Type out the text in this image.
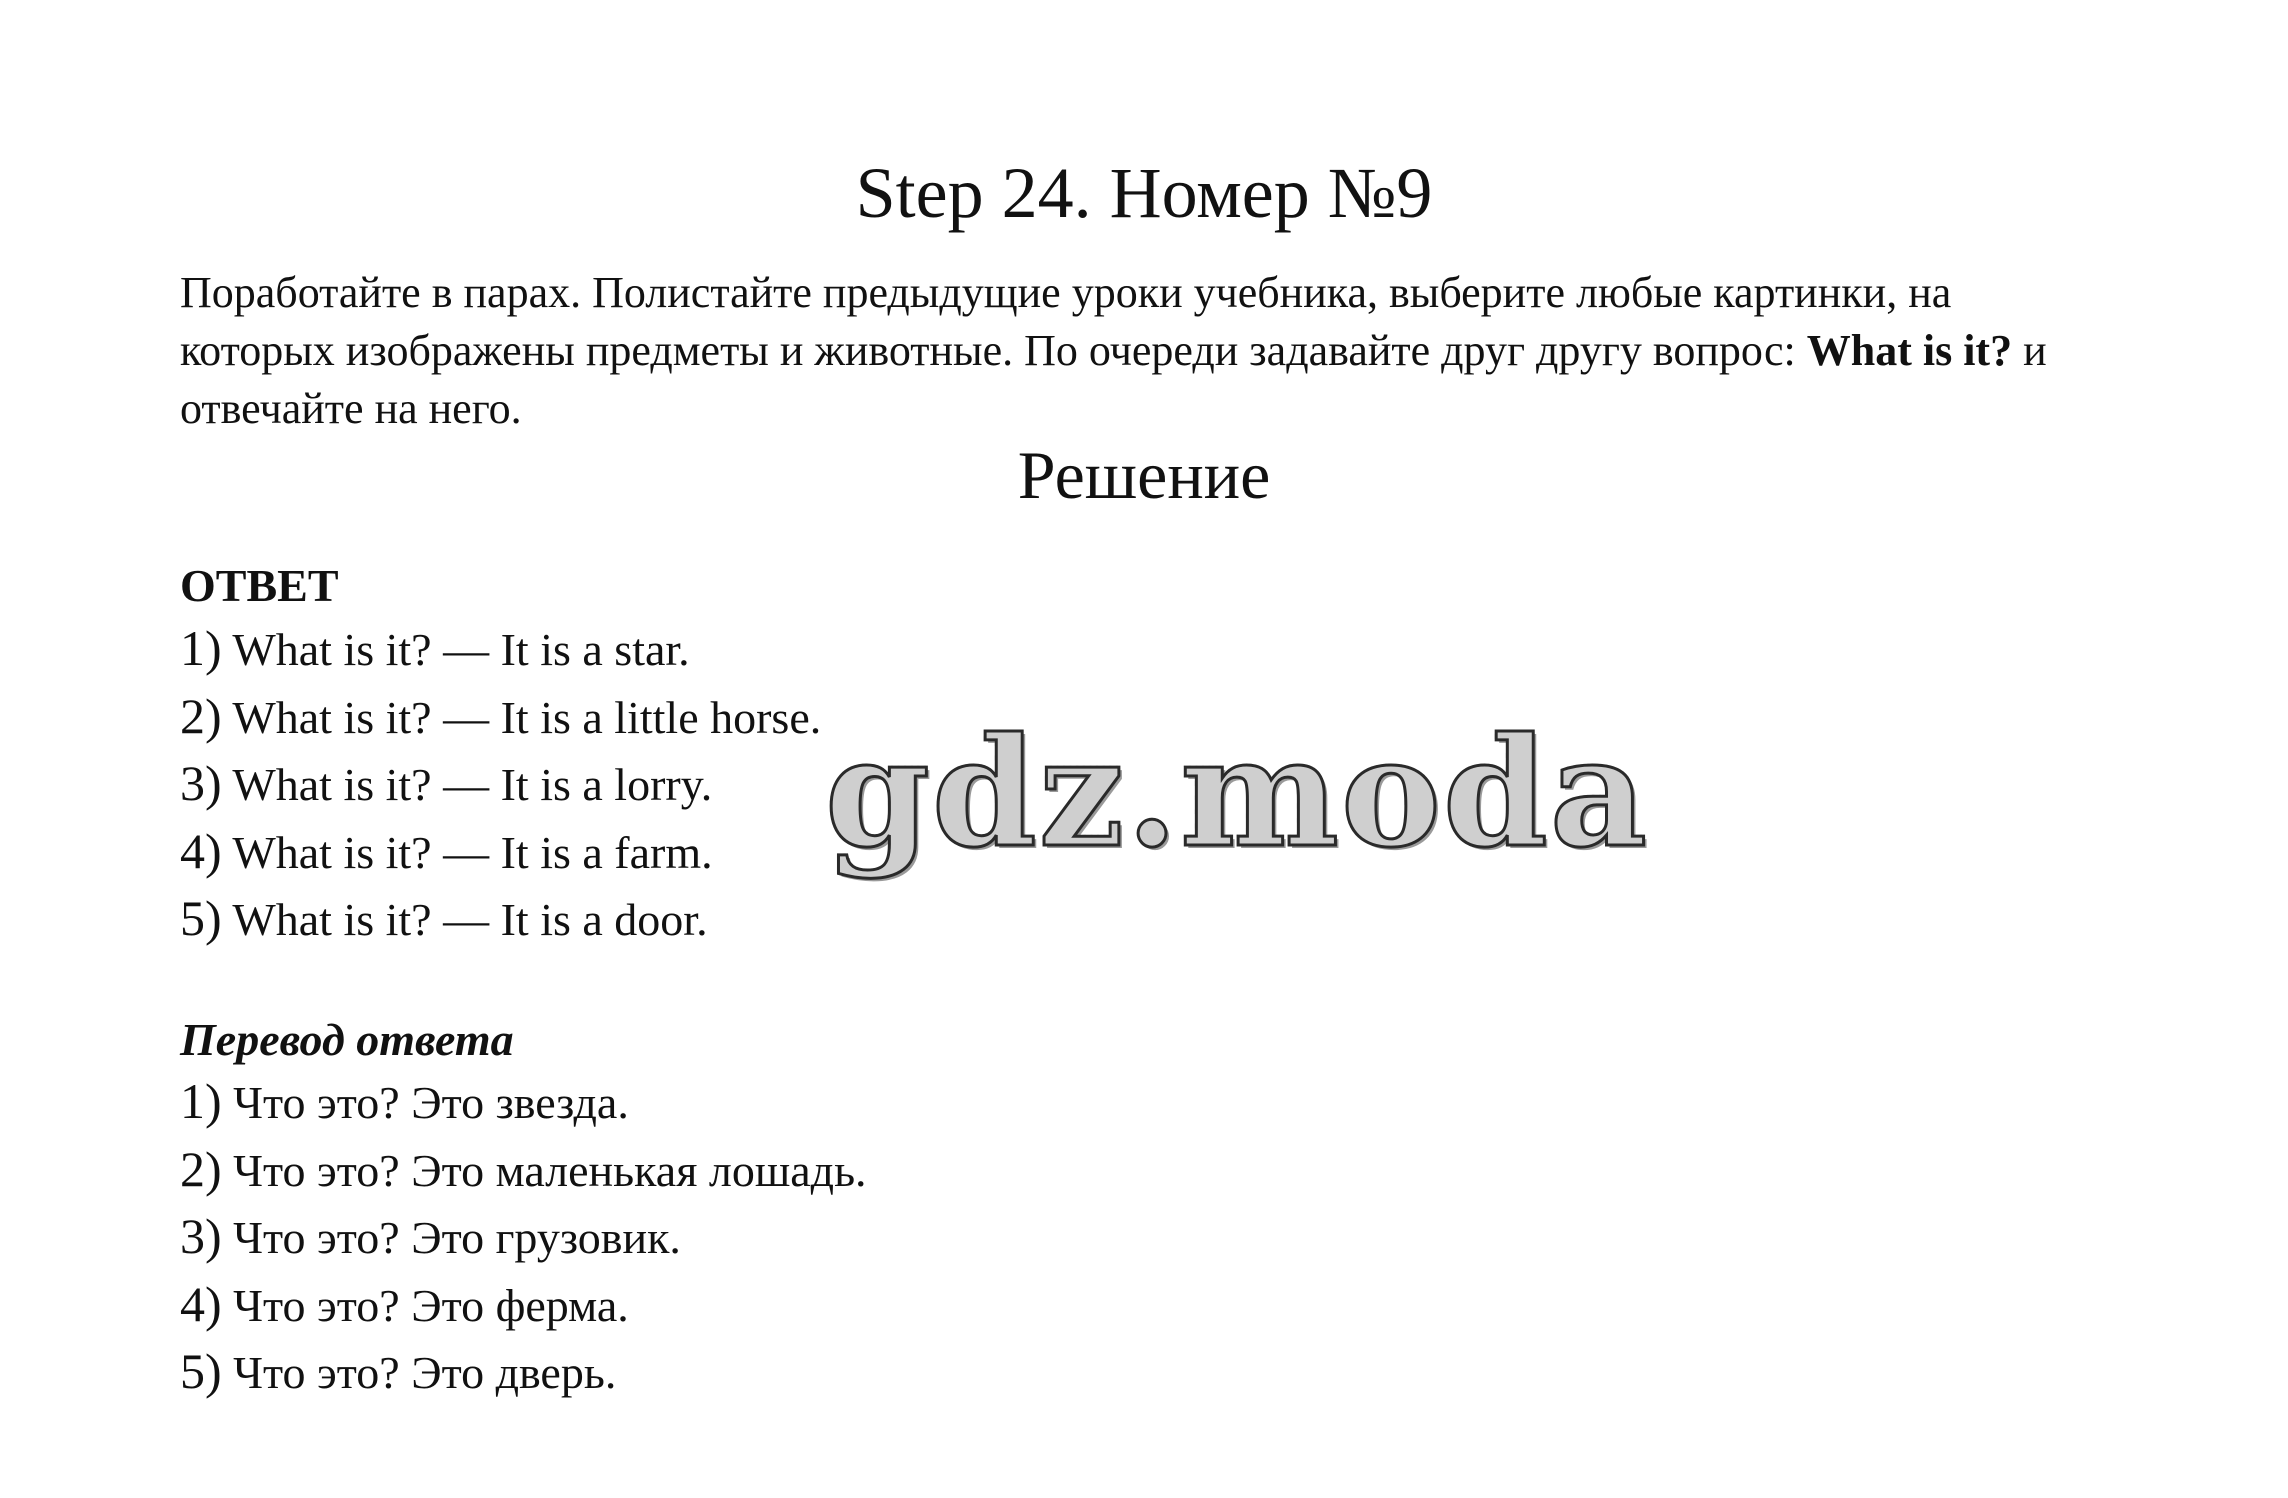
Step 24. Номер №9

Поработайте в парах. Полистайте предыдущие уроки учебника, выберите любые картинки, на которых изображены предметы и животные. По очереди задавайте друг другу вопрос: What is it? и отвечайте на него.

Решение
ОТВЕТ
1) What is it? — It is a star.
2) What is it? — It is a little horse.
3) What is it? — It is a lorry.
4) What is it? — It is a farm.
5) What is it? — It is a door.
Перевод ответа
1) Что это? Это звезда.
2) Что это? Это маленькая лошадь.
3) Что это? Это грузовик.
4) Что это? Это ферма.
5) Что это? Это дверь.
gdz.moda
